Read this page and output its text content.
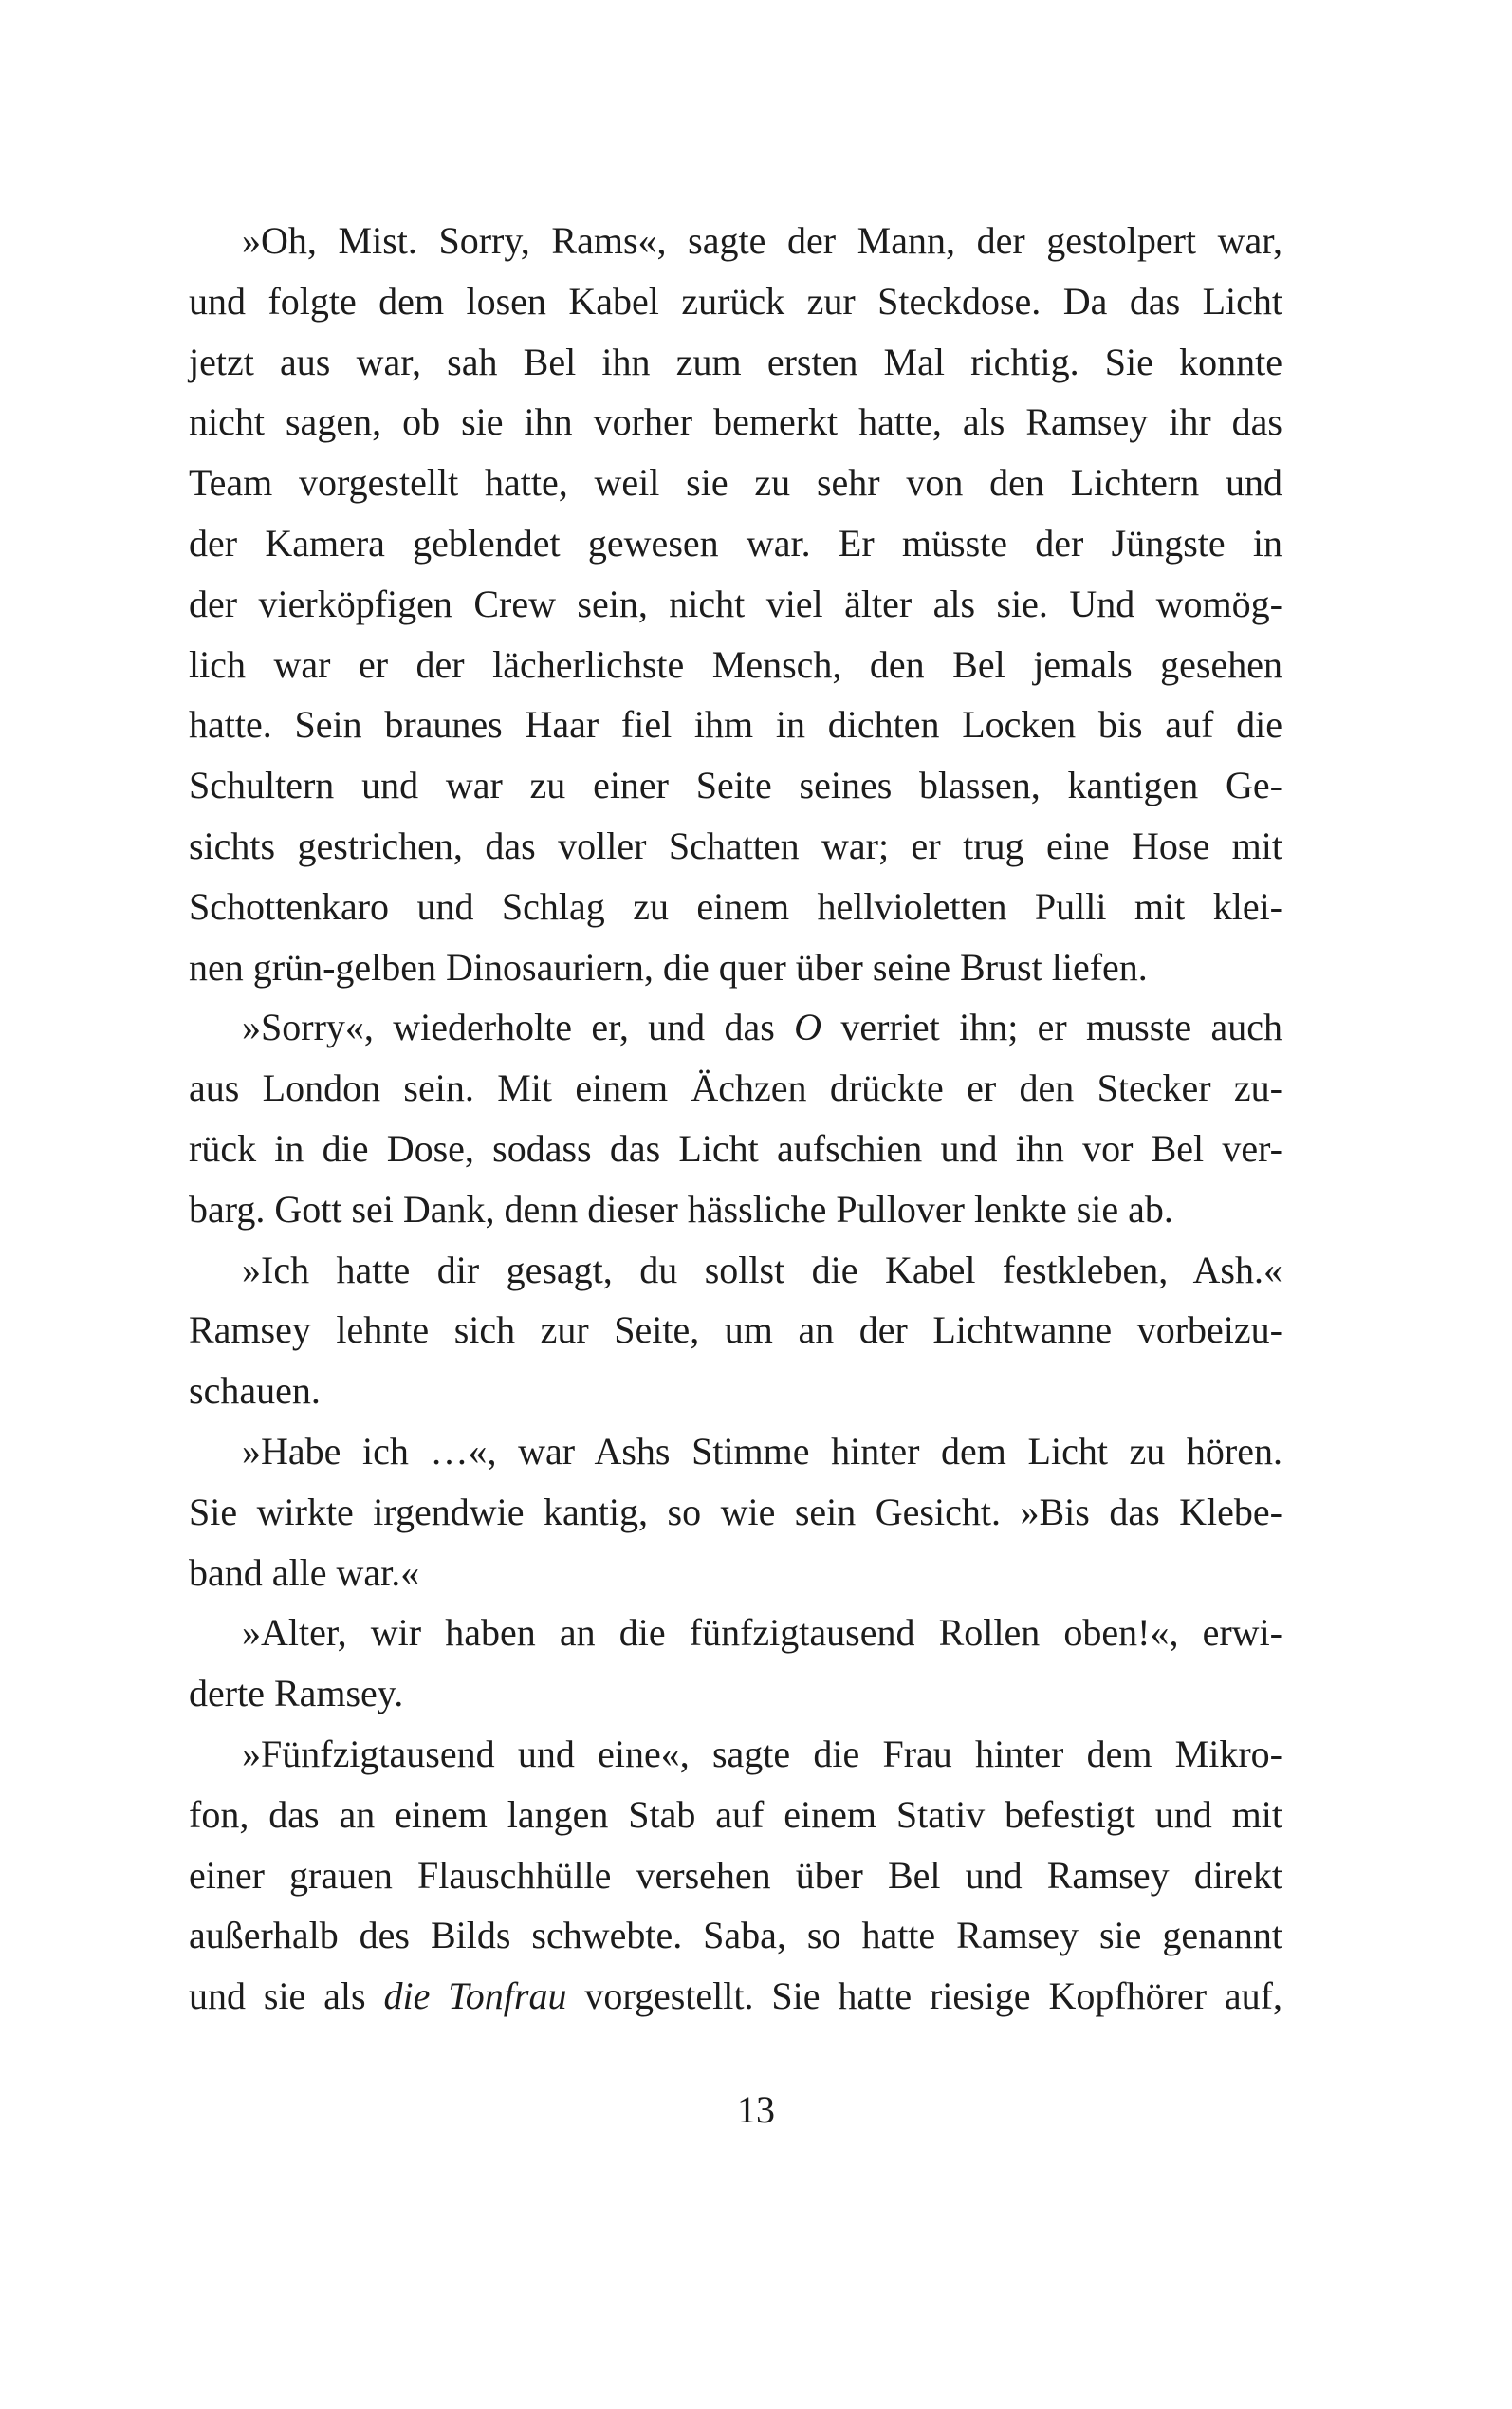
»Oh, Mist. Sorry, Rams«, sagte der Mann, der gestolpert war,
und folgte dem losen Kabel zurück zur Steckdose. Da das Licht
jetzt aus war, sah Bel ihn zum ersten Mal richtig. Sie konnte
nicht sagen, ob sie ihn vorher bemerkt hatte, als Ramsey ihr das
Team vorgestellt hatte, weil sie zu sehr von den Lichtern und
der Kamera geblendet gewesen war. Er müsste der Jüngste in
der vierköpfigen Crew sein, nicht viel älter als sie. Und womög-
lich war er der lächerlichste Mensch, den Bel jemals gesehen
hatte. Sein braunes Haar fiel ihm in dichten Locken bis auf die
Schultern und war zu einer Seite seines blassen, kantigen Ge-
sichts gestrichen, das voller Schatten war; er trug eine Hose mit
Schottenkaro und Schlag zu einem hellvioletten Pulli mit klei-
nen grün-gelben Dinosauriern, die quer über seine Brust liefen.
»Sorry«, wiederholte er, und das O verriet ihn; er musste auch
aus London sein. Mit einem Ächzen drückte er den Stecker zu-
rück in die Dose, sodass das Licht aufschien und ihn vor Bel ver-
barg. Gott sei Dank, denn dieser hässliche Pullover lenkte sie ab.
»Ich hatte dir gesagt, du sollst die Kabel festkleben, Ash.«
Ramsey lehnte sich zur Seite, um an der Lichtwanne vorbeizu-
schauen.
»Habe ich …«, war Ashs Stimme hinter dem Licht zu hören.
Sie wirkte irgendwie kantig, so wie sein Gesicht. »Bis das Klebe-
band alle war.«
»Alter, wir haben an die fünfzigtausend Rollen oben!«, erwi-
derte Ramsey.
»Fünfzigtausend und eine«, sagte die Frau hinter dem Mikro-
fon, das an einem langen Stab auf einem Stativ befestigt und mit
einer grauen Flauschhülle versehen über Bel und Ramsey direkt
außerhalb des Bilds schwebte. Saba, so hatte Ramsey sie genannt
und sie als die Tonfrau vorgestellt. Sie hatte riesige Kopfhörer auf,
13
